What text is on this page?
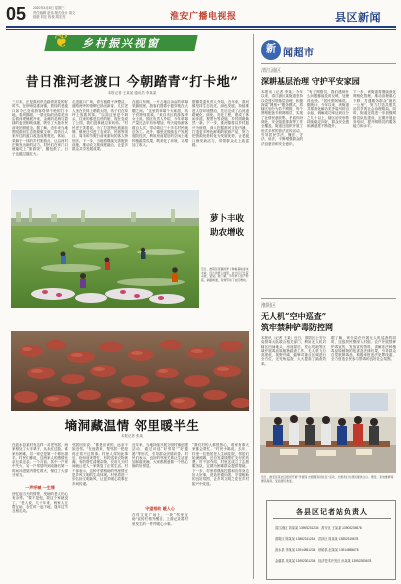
05 2020年4月8日 星期三
责任编辑 赵伟 版式设计 周文
组版 刘宏 检校 胡宏亮	淮安广播电视报	县区新闻
❦ 乡村振兴视窗
昔日淮河老渡口 今朝踏青“打卡地”
本报记者 王某某 通讯员 李某某
三月末，正是淮河岸边踏青赏花的好时节。在盱眙县淮河镇，曾经的老渡口如今已变成游客络绎不绝的打卡地。春风拂面，一望无际的油菜花田沿着河堤铺展开来，金黄的花海与碧绿的麦田相映成趣，吸引了大批市民前来拍照留念。据了解，近年来当地围绕淮河生态资源做文章，将昔日人来车往的渡口改造成集观光、休闲、采摘于一体的乡村旅游点，让沿河村庄焕发出新的活力。村民们在家门口就能吃上“旅游饭”，腰包鼓了，日子也越过越红火。
走进渡口广场，青石板路干净整洁，道路两旁的垂柳已抽出新芽，几位老人坐在长椅上晒着太阳，孩子们在草坪上放着风筝。“以前这里是个码头，往来的都是拉货的船，现在变成了公园，我们没事就过来转转。”村民老王笑着说。为了打造特色旅游品牌，镇里还引进了农家乐、民宿等项目，周末和节假日前来游玩的客人特别多。下一步，当地将继续完善配套设施，推动农文旅深度融合，让更多群众共享发展成果。
在渡口东侧，一片占地百余亩的草莓采摘园里，游客们提着小篮穿梭在大棚之间。“这里的草莓个大味甜，孩子们特别喜欢。”来自市区的游客李女士说。园区负责人介绍，今年草莓产量比去年有所增加，每天接待游客数百人次，带动周边三十多名村民就近务工。此外，镇里还鼓励农户发展庭院经济，利用房前屋后的空闲土地种植蔬菜瓜果，既美化了环境，又增加了收入。
据镇党委负责人介绍，近年来，淮河镇坚持生态优先、绿色发展，持续推进人居环境整治，先后完成了沿河道路硬化、绿化、亮化工程，建成了休闲步道、观景台等设施，乡村面貌焕然一新。下一步，淮河镇将以乡村振兴为统领，深入挖掘淮河文化内涵，打造更多特色鲜明的旅游产品，努力把资源优势转化为发展优势，让老渡口焕发新活力，带领群众走上致富路。
萝卜丰收
助农增收
近日，淮阴区某镇的萝卜种植基地迎来丰收。连片的萝卜地里，农户们正忙着采收、装袋。据了解，今年萝卜亩产较高，销路畅通，有效带动了农民增收。
墒洞藏温情 邻里暖半生
本报记者 张某
在涟水县某村有这样一对老邻居，两家相处了大半辈子，从未红过脸。谁家有困难，另一家总是第一个伸出援手。村民们都说，这两家人的感情比亲兄弟还亲。一个月前，其中一户家中失火，另一户邻居听到动静后第一时间冲进屋内帮忙救火，保住了大部分家当。
一声呼喊 一生情
回忆起当天的情景，受助的老人仍心有余悸。“要不是他，我这个家就没了。”老人说，几十年来，两家人互帮互助，农忙时一起下地，逢年过节互相走动。
邻居回应说：“都是应该的，远亲不如近邻。”在他看来，帮邻居一把是再正常不过的事。村里人得知此事后，纷纷前来帮忙，有的送来衣物被褥，有的帮忙清理杂物，仅用几天时间就让老人一家恢复了正常生活。村干部表示，这种守望相助的邻里情正是乡风文明的生动体现。村里将进一步弘扬文明新风，让更多暖心故事在乡间传递。
近年来，当地持续开展文明村镇创建活动，通过评选“好邻居”“好婆媳”等形式，引导群众崇德向善。村民们表示，良好的邻里关系让生活更加和谐美满，大家都愿意做一个热心肠的好邻居。
守望相助 暖人心
在村文化广场上，一块“邻里互助”宣传栏格外醒目，上面记录着村里发生的一件件暖心小事。
“我们村的人都很热心，谁家有事大家都会帮忙。”村民小陈说。去年，村里一位独居老人生病住院，邻居们轮流照顾，还自发凑钱帮忙支付医药费。村干部介绍，村里还成立了志愿服务队，定期为困难群众提供帮助。下一步，村里将继续挖掘和宣传身边好人好事，营造崇德向善、守望相助的良好氛围，让乡风文明之花在乡村振兴中绽放。
新 闻超市
清江浦区
深耕基层治理 守护平安家园
本报讯（记者 李某）今年以来，清江浦区某街道坚持以党建引领基层治理，积极探索“网格+”服务模式，将辖区划分为若干网格，每个网格配备专职网格员，实现了社情民意收集、矛盾纠纷调处、安全隐患排查等工作全覆盖。街道还组织开展了形式多样的普法宣传活动，引导居民学法、懂法、守法、用法，不断增强群众的法治意识和安全意识。
“有了网格员，我们遇到什么问题都能及时反映，处理得也快。”居民张阿姨说。据统计，今年以来，该街道共排查化解各类矛盾纠纷百余起，调解成功率达到百分之九十以上，辖区治安形势持续稳定向好，群众安全感和满意度不断提升。
下一步，该街道将继续深化网格化管理，推动治理重心下移，打通服务群众“最后一公里”，努力打造共建共治共享的社会治理格局。同时，街道还将进一步加强网格员队伍建设，定期开展业务培训，提升网格员的服务能力和水平。
淮阴区
无人机“空中巡查”
筑牢禁种铲毒防控网
本报讯（记者 王某）近日，淮阴区公安分局禁毒大队联合相关部门，利用无人机对辖区田间地头、房前屋后、荒山荒地等区域开展毒品原植物踏查工作。无人机飞行高度低、视野开阔，能够对重点区域进行全方位、无死角巡查，大大提高了踏查效率。
据了解，该分局在开展无人机巡查的同时，还组织民警深入村组、农户开展禁种铲毒宣传，发放宣传资料，讲解非法种植毒品原植物的危害及法律后果，引导群众自觉抵制毒品，积极举报违法犯罪线索，全力营造全民参与禁毒的良好社会氛围。
近日，淮安区某社区组织开展“学雷锋 志愿服务进社区”活动，志愿者们为居民提供义诊、理发、家电维修等便民服务，受到居民欢迎。
各县区记者站负责人
清江浦区 刘某某 13905231234 淮安区 王某某 13905235678
淮阴区 陈某某 13852311234 洪泽区 周某某 13852315678
涟水县 李某某 13914851234 盱眙县 赵某某 13914855678
金湖县 吴某某 13952301234 经济技术开发区 孙某某 13952305678
